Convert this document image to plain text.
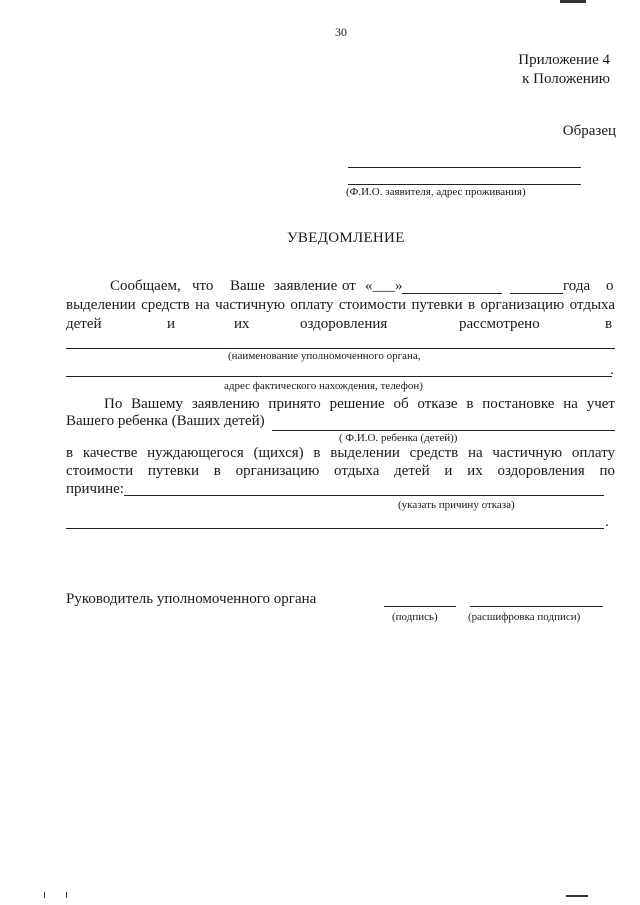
30
Приложение 4
к Положению
Образец
(Ф.И.О. заявителя, адрес проживания)
УВЕДОМЛЕНИЕ
Сообщаем, что Ваше заявление от «___»	года о
выделении средств на частичную оплату стоимости путевки в организацию отдыха
детей	и	их	оздоровления	рассмотрено	в
(наименование уполномоченного органа,
.
адрес фактического нахождения, телефон)
По Вашему заявлению принято решение об отказе в постановке на учет
Вашего ребенка (Ваших детей)
( Ф.И.О. ребенка (детей))
в качестве нуждающегося (щихся) в выделении средств на частичную оплату
стоимости путевки в организацию отдыха детей и их оздоровления по
причине:
(указать причину отказа)
.
Руководитель уполномоченного органа
(подпись)	(расшифровка подписи)
